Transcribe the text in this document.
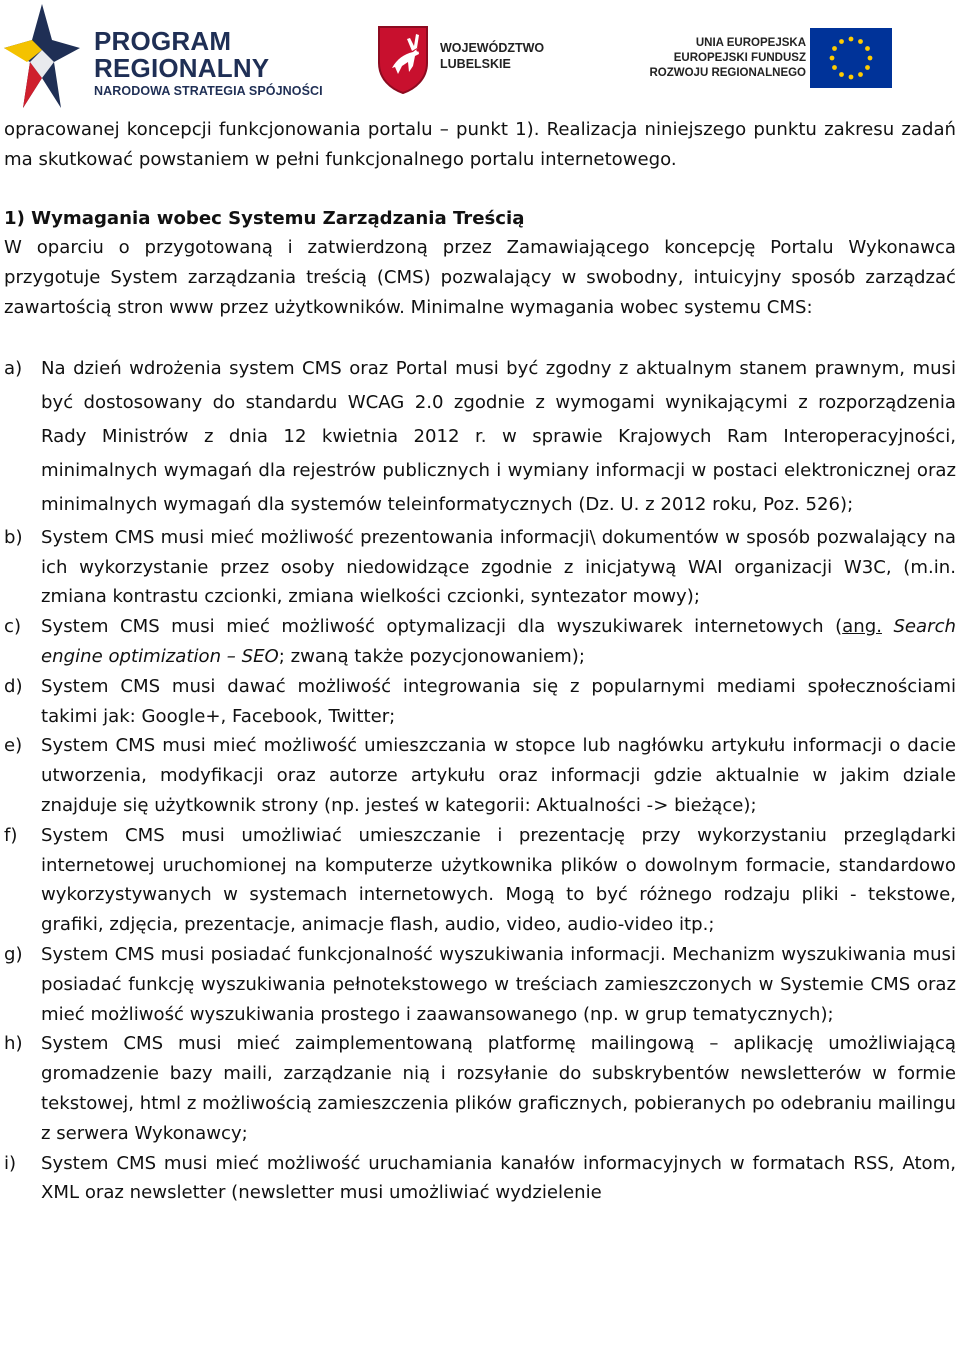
PROGRAM
REGIONALNY
NARODOWA STRATEGIA SPÓJNOŚCI
WOJEWÓDZTWO
LUBELSKIE
UNIA EUROPEJSKA
EUROPEJSKI FUNDUSZ
ROZWOJU REGIONALNEGO

opracowanej koncepcji funkcjonowania portalu – punkt 1). Realizacja niniejszego punktu zakresu zadań ma skutkować powstaniem w pełni funkcjonalnego portalu internetowego.

1) Wymagania wobec Systemu Zarządzania Treścią

W oparciu o przygotowaną i zatwierdzoną przez Zamawiającego koncepcję Portalu Wykonawca przygotuje System zarządzania treścią (CMS) pozwalający w swobodny, intuicyjny sposób zarządzać zawartością stron www przez użytkowników. Minimalne wymagania wobec systemu CMS:

a)	Na dzień wdrożenia system CMS oraz Portal musi być zgodny z aktualnym stanem prawnym, musi być dostosowany do standardu WCAG 2.0 zgodnie z wymogami wynikającymi z rozporządzenia Rady Ministrów z dnia 12 kwietnia 2012 r. w sprawie Krajowych Ram Interoperacyjności, minimalnych wymagań dla rejestrów publicznych i wymiany informacji w postaci elektronicznej oraz minimalnych wymagań dla systemów teleinformatycznych (Dz. U. z 2012 roku, Poz. 526);
b)	System CMS musi mieć możliwość prezentowania informacji\ dokumentów w sposób pozwalający na ich wykorzystanie przez osoby niedowidzące zgodnie z inicjatywą WAI organizacji W3C, (m.in. zmiana kontrastu czcionki, zmiana wielkości czcionki, syntezator mowy);
c)	System CMS musi mieć możliwość optymalizacji dla wyszukiwarek internetowych (ang. Search engine optimization – SEO; zwaną także pozycjonowaniem);
d)	System CMS musi dawać możliwość integrowania się z popularnymi mediami społecznościami takimi jak: Google+, Facebook, Twitter;
e)	System CMS musi mieć możliwość umieszczania w stopce lub nagłówku artykułu informacji o dacie utworzenia, modyfikacji oraz autorze artykułu oraz informacji gdzie aktualnie w jakim dziale znajduje się użytkownik strony (np. jesteś w kategorii: Aktualności -> bieżące);
f)	System CMS musi umożliwiać umieszczanie i prezentację przy wykorzystaniu przeglądarki internetowej uruchomionej na komputerze użytkownika plików o dowolnym formacie, standardowo wykorzystywanych w systemach internetowych. Mogą to być różnego rodzaju pliki - tekstowe, grafiki, zdjęcia, prezentacje, animacje flash, audio, video, audio-video itp.;
g)	System CMS musi posiadać funkcjonalność wyszukiwania informacji. Mechanizm wyszukiwania musi posiadać funkcję wyszukiwania pełnotekstowego w treściach zamieszczonych w Systemie CMS oraz mieć możliwość wyszukiwania prostego i zaawansowanego (np. w grup tematycznych);
h)	System CMS musi mieć zaimplementowaną platformę mailingową – aplikację umożliwiającą gromadzenie bazy maili, zarządzanie nią i rozsyłanie do subskrybentów newsletterów w formie tekstowej, html z możliwością zamieszczenia plików graficznych, pobieranych po odebraniu mailingu z serwera Wykonawcy;
i)	System CMS musi mieć możliwość uruchamiania kanałów informacyjnych w formatach RSS, Atom, XML oraz newsletter (newsletter musi umożliwiać wydzielenie
